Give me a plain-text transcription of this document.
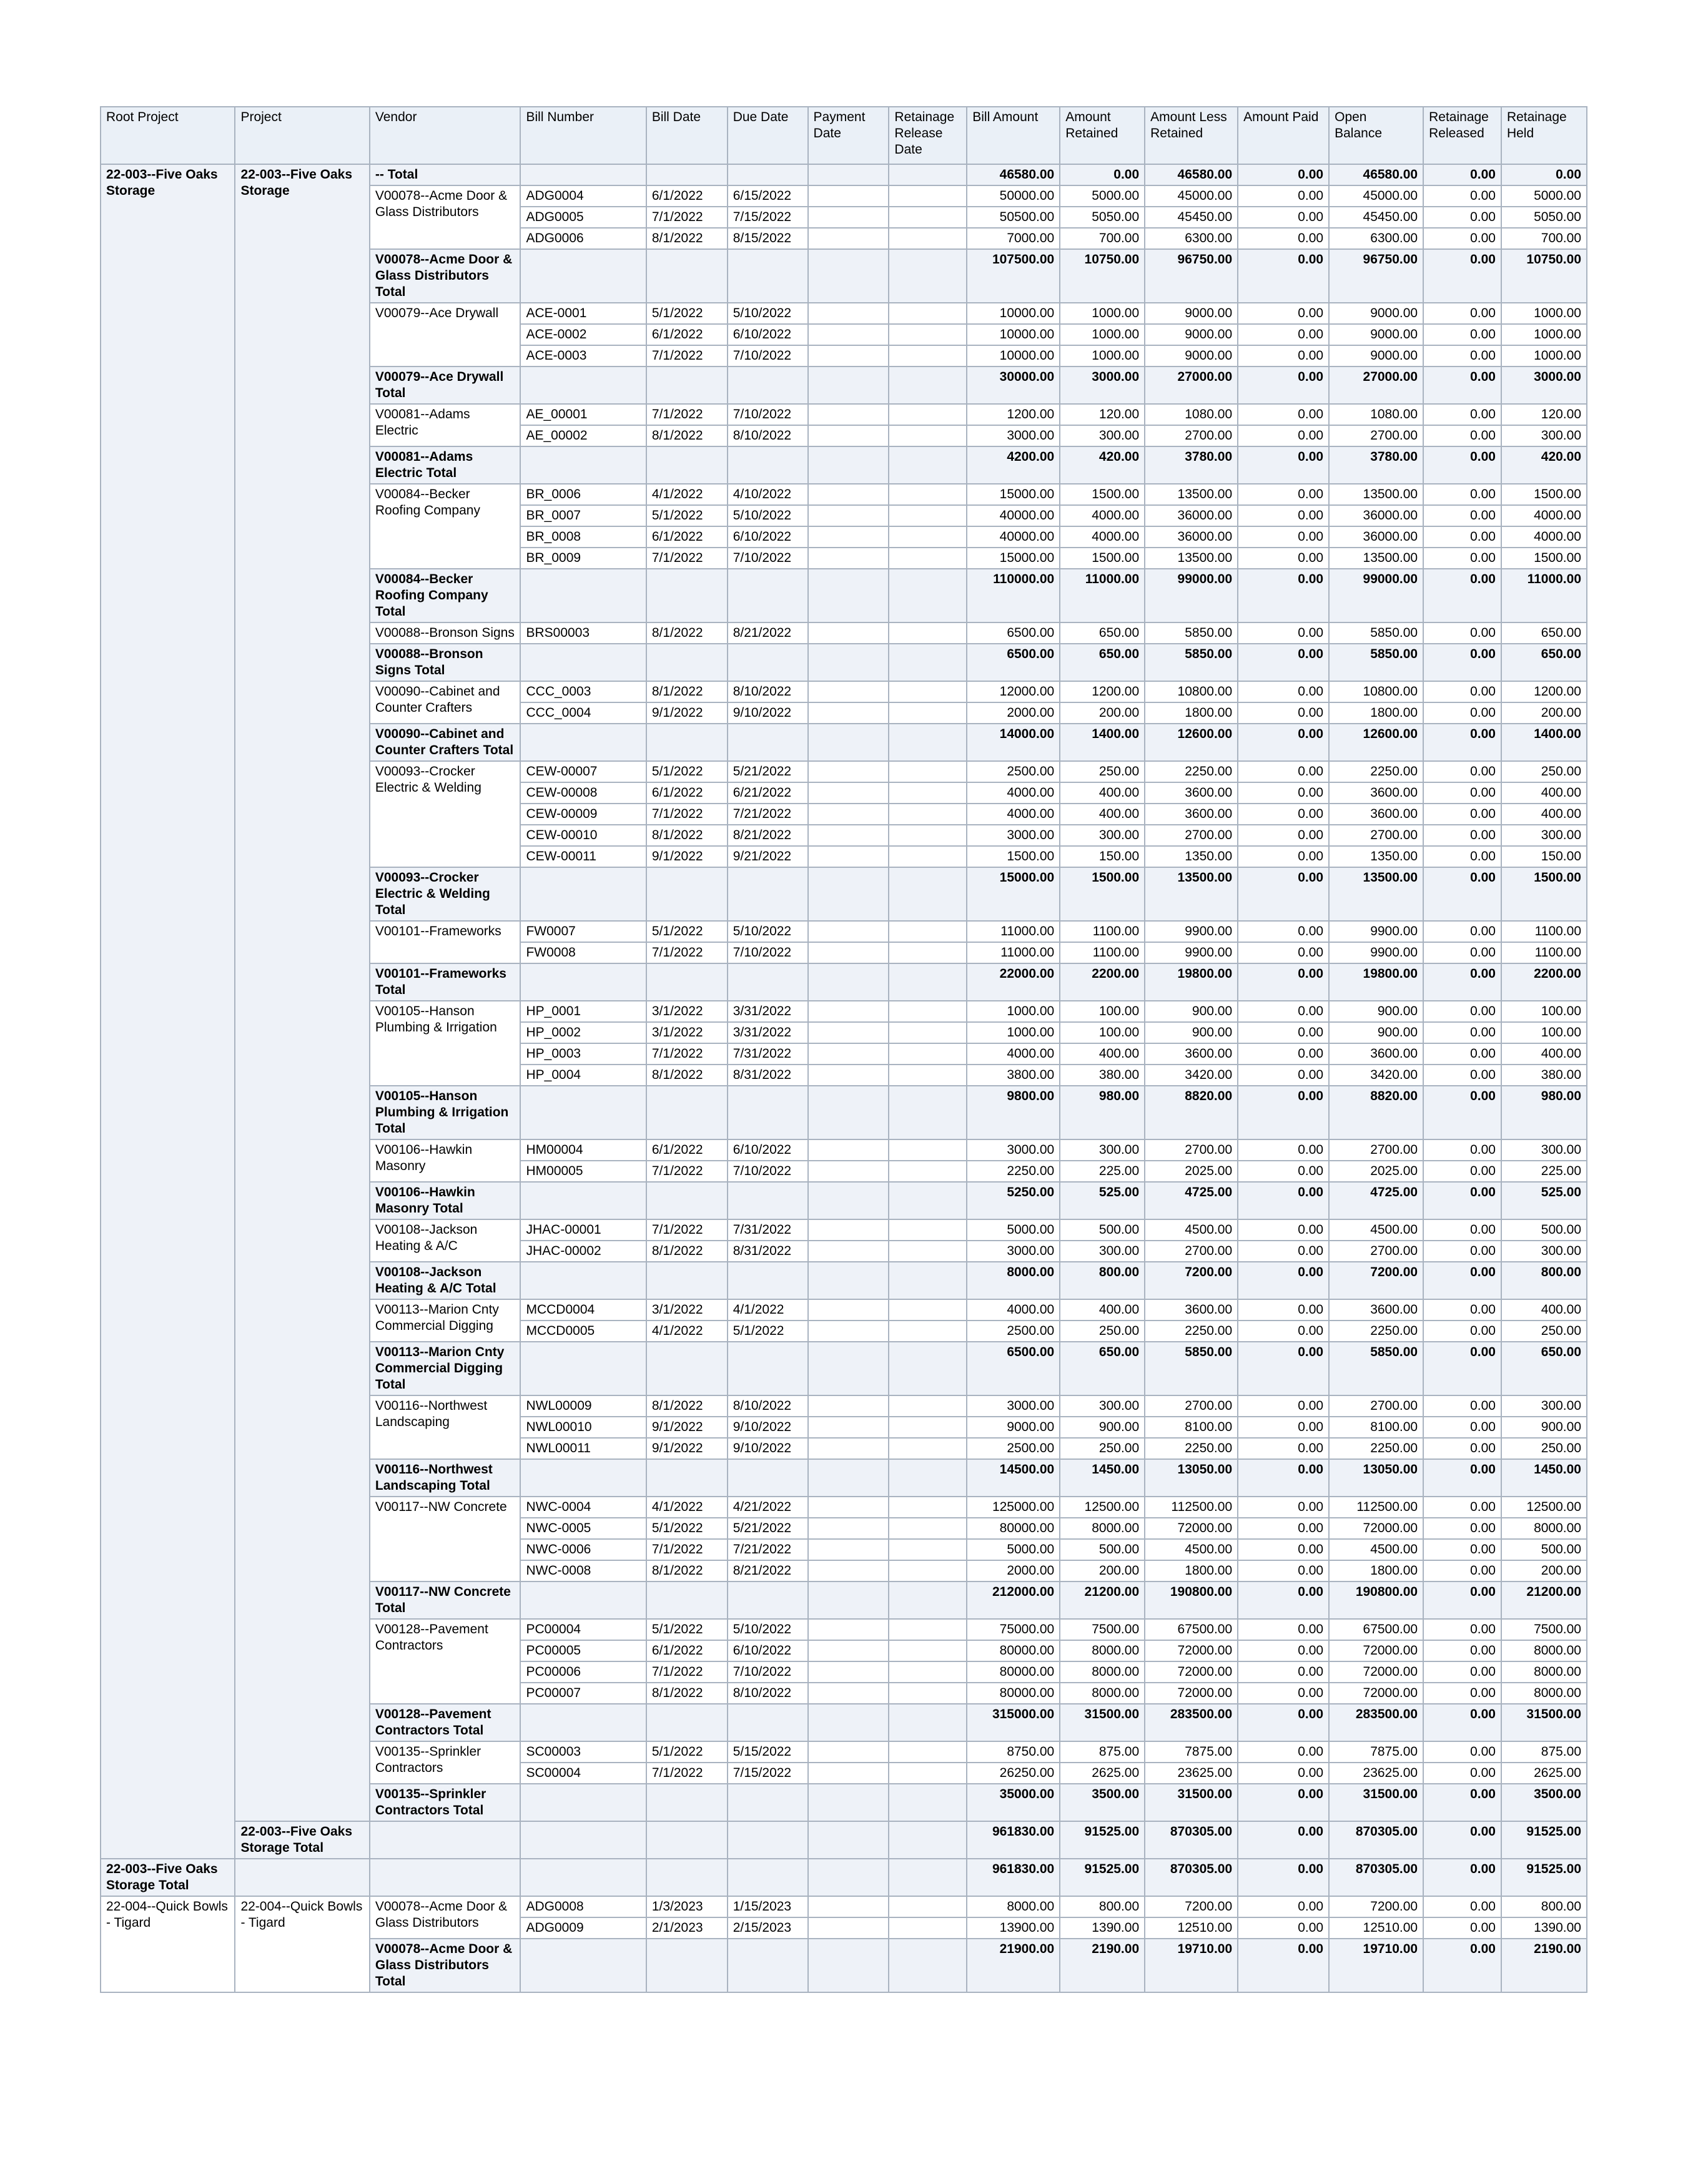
Root Project	Project	Vendor	Bill Number	Bill Date	Due Date	Payment Date	Retainage Release Date	Bill Amount	Amount Retained	Amount Less Retained	Amount Paid	Open Balance	Retainage Released	Retainage Held
22-003--Five Oaks Storage	22-003--Five Oaks Storage	-- Total						46580.00	0.00	46580.00	0.00	46580.00	0.00	0.00
		V00078--Acme Door & Glass Distributors	ADG0004	6/1/2022	6/15/2022			50000.00	5000.00	45000.00	0.00	45000.00	0.00	5000.00
			ADG0005	7/1/2022	7/15/2022			50500.00	5050.00	45450.00	0.00	45450.00	0.00	5050.00
			ADG0006	8/1/2022	8/15/2022			7000.00	700.00	6300.00	0.00	6300.00	0.00	700.00
		V00078--Acme Door & Glass Distributors Total						107500.00	10750.00	96750.00	0.00	96750.00	0.00	10750.00
		V00079--Ace Drywall	ACE-0001	5/1/2022	5/10/2022			10000.00	1000.00	9000.00	0.00	9000.00	0.00	1000.00
			ACE-0002	6/1/2022	6/10/2022			10000.00	1000.00	9000.00	0.00	9000.00	0.00	1000.00
			ACE-0003	7/1/2022	7/10/2022			10000.00	1000.00	9000.00	0.00	9000.00	0.00	1000.00
		V00079--Ace Drywall Total						30000.00	3000.00	27000.00	0.00	27000.00	0.00	3000.00
		V00081--Adams Electric	AE_00001	7/1/2022	7/10/2022			1200.00	120.00	1080.00	0.00	1080.00	0.00	120.00
			AE_00002	8/1/2022	8/10/2022			3000.00	300.00	2700.00	0.00	2700.00	0.00	300.00
		V00081--Adams Electric Total						4200.00	420.00	3780.00	0.00	3780.00	0.00	420.00
		V00084--Becker Roofing Company	BR_0006	4/1/2022	4/10/2022			15000.00	1500.00	13500.00	0.00	13500.00	0.00	1500.00
			BR_0007	5/1/2022	5/10/2022			40000.00	4000.00	36000.00	0.00	36000.00	0.00	4000.00
			BR_0008	6/1/2022	6/10/2022			40000.00	4000.00	36000.00	0.00	36000.00	0.00	4000.00
			BR_0009	7/1/2022	7/10/2022			15000.00	1500.00	13500.00	0.00	13500.00	0.00	1500.00
		V00084--Becker Roofing Company Total						110000.00	11000.00	99000.00	0.00	99000.00	0.00	11000.00
		V00088--Bronson Signs	BRS00003	8/1/2022	8/21/2022			6500.00	650.00	5850.00	0.00	5850.00	0.00	650.00
		V00088--Bronson Signs Total						6500.00	650.00	5850.00	0.00	5850.00	0.00	650.00
		V00090--Cabinet and Counter Crafters	CCC_0003	8/1/2022	8/10/2022			12000.00	1200.00	10800.00	0.00	10800.00	0.00	1200.00
			CCC_0004	9/1/2022	9/10/2022			2000.00	200.00	1800.00	0.00	1800.00	0.00	200.00
		V00090--Cabinet and Counter Crafters Total						14000.00	1400.00	12600.00	0.00	12600.00	0.00	1400.00
		V00093--Crocker Electric & Welding	CEW-00007	5/1/2022	5/21/2022			2500.00	250.00	2250.00	0.00	2250.00	0.00	250.00
			CEW-00008	6/1/2022	6/21/2022			4000.00	400.00	3600.00	0.00	3600.00	0.00	400.00
			CEW-00009	7/1/2022	7/21/2022			4000.00	400.00	3600.00	0.00	3600.00	0.00	400.00
			CEW-00010	8/1/2022	8/21/2022			3000.00	300.00	2700.00	0.00	2700.00	0.00	300.00
			CEW-00011	9/1/2022	9/21/2022			1500.00	150.00	1350.00	0.00	1350.00	0.00	150.00
		V00093--Crocker Electric & Welding Total						15000.00	1500.00	13500.00	0.00	13500.00	0.00	1500.00
		V00101--Frameworks	FW0007	5/1/2022	5/10/2022			11000.00	1100.00	9900.00	0.00	9900.00	0.00	1100.00
			FW0008	7/1/2022	7/10/2022			11000.00	1100.00	9900.00	0.00	9900.00	0.00	1100.00
		V00101--Frameworks Total						22000.00	2200.00	19800.00	0.00	19800.00	0.00	2200.00
		V00105--Hanson Plumbing & Irrigation	HP_0001	3/1/2022	3/31/2022			1000.00	100.00	900.00	0.00	900.00	0.00	100.00
			HP_0002	3/1/2022	3/31/2022			1000.00	100.00	900.00	0.00	900.00	0.00	100.00
			HP_0003	7/1/2022	7/31/2022			4000.00	400.00	3600.00	0.00	3600.00	0.00	400.00
			HP_0004	8/1/2022	8/31/2022			3800.00	380.00	3420.00	0.00	3420.00	0.00	380.00
		V00105--Hanson Plumbing & Irrigation Total						9800.00	980.00	8820.00	0.00	8820.00	0.00	980.00
		V00106--Hawkin Masonry	HM00004	6/1/2022	6/10/2022			3000.00	300.00	2700.00	0.00	2700.00	0.00	300.00
			HM00005	7/1/2022	7/10/2022			2250.00	225.00	2025.00	0.00	2025.00	0.00	225.00
		V00106--Hawkin Masonry Total						5250.00	525.00	4725.00	0.00	4725.00	0.00	525.00
		V00108--Jackson Heating & A/C	JHAC-00001	7/1/2022	7/31/2022			5000.00	500.00	4500.00	0.00	4500.00	0.00	500.00
			JHAC-00002	8/1/2022	8/31/2022			3000.00	300.00	2700.00	0.00	2700.00	0.00	300.00
		V00108--Jackson Heating & A/C Total						8000.00	800.00	7200.00	0.00	7200.00	0.00	800.00
		V00113--Marion Cnty Commercial Digging	MCCD0004	3/1/2022	4/1/2022			4000.00	400.00	3600.00	0.00	3600.00	0.00	400.00
			MCCD0005	4/1/2022	5/1/2022			2500.00	250.00	2250.00	0.00	2250.00	0.00	250.00
		V00113--Marion Cnty Commercial Digging Total						6500.00	650.00	5850.00	0.00	5850.00	0.00	650.00
		V00116--Northwest Landscaping	NWL00009	8/1/2022	8/10/2022			3000.00	300.00	2700.00	0.00	2700.00	0.00	300.00
			NWL00010	9/1/2022	9/10/2022			9000.00	900.00	8100.00	0.00	8100.00	0.00	900.00
			NWL00011	9/1/2022	9/10/2022			2500.00	250.00	2250.00	0.00	2250.00	0.00	250.00
		V00116--Northwest Landscaping Total						14500.00	1450.00	13050.00	0.00	13050.00	0.00	1450.00
		V00117--NW Concrete	NWC-0004	4/1/2022	4/21/2022			125000.00	12500.00	112500.00	0.00	112500.00	0.00	12500.00
			NWC-0005	5/1/2022	5/21/2022			80000.00	8000.00	72000.00	0.00	72000.00	0.00	8000.00
			NWC-0006	7/1/2022	7/21/2022			5000.00	500.00	4500.00	0.00	4500.00	0.00	500.00
			NWC-0008	8/1/2022	8/21/2022			2000.00	200.00	1800.00	0.00	1800.00	0.00	200.00
		V00117--NW Concrete Total						212000.00	21200.00	190800.00	0.00	190800.00	0.00	21200.00
		V00128--Pavement Contractors	PC00004	5/1/2022	5/10/2022			75000.00	7500.00	67500.00	0.00	67500.00	0.00	7500.00
			PC00005	6/1/2022	6/10/2022			80000.00	8000.00	72000.00	0.00	72000.00	0.00	8000.00
			PC00006	7/1/2022	7/10/2022			80000.00	8000.00	72000.00	0.00	72000.00	0.00	8000.00
			PC00007	8/1/2022	8/10/2022			80000.00	8000.00	72000.00	0.00	72000.00	0.00	8000.00
		V00128--Pavement Contractors Total						315000.00	31500.00	283500.00	0.00	283500.00	0.00	31500.00
		V00135--Sprinkler Contractors	SC00003	5/1/2022	5/15/2022			8750.00	875.00	7875.00	0.00	7875.00	0.00	875.00
			SC00004	7/1/2022	7/15/2022			26250.00	2625.00	23625.00	0.00	23625.00	0.00	2625.00
		V00135--Sprinkler Contractors Total						35000.00	3500.00	31500.00	0.00	31500.00	0.00	3500.00
	22-003--Five Oaks Storage Total							961830.00	91525.00	870305.00	0.00	870305.00	0.00	91525.00
22-003--Five Oaks Storage Total								961830.00	91525.00	870305.00	0.00	870305.00	0.00	91525.00
22-004--Quick Bowls - Tigard	22-004--Quick Bowls - Tigard	V00078--Acme Door & Glass Distributors	ADG0008	1/3/2023	1/15/2023			8000.00	800.00	7200.00	0.00	7200.00	0.00	800.00
			ADG0009	2/1/2023	2/15/2023			13900.00	1390.00	12510.00	0.00	12510.00	0.00	1390.00
		V00078--Acme Door & Glass Distributors Total						21900.00	2190.00	19710.00	0.00	19710.00	0.00	2190.00
